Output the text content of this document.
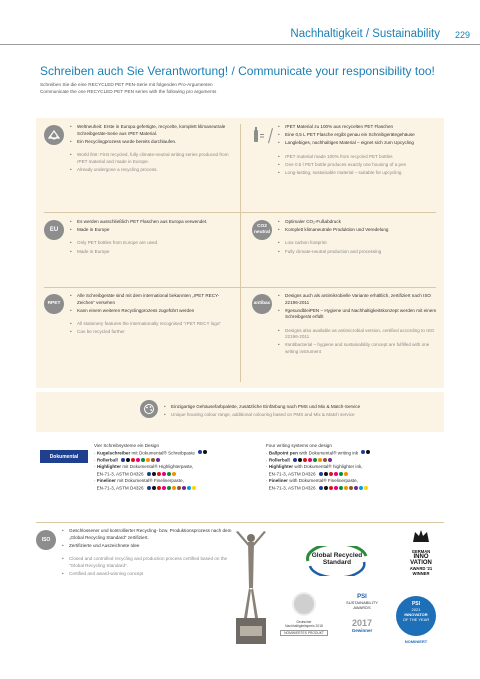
Nachhaltigkeit / Sustainability 229
Schreiben auch Sie Verantwortung! / Communicate your responsibility too!
Schreiben Sie die eine RECYCLED PET PEN-Serie mit folgenden Pro-Argumenten
Communicate the one RECYCLED PET PEN series with the following pro arguments
•	Weltneuheit: Erste in Europa gefertigte, recycelte, komplett klimaneutrale Schreibgeräte-Serie aus rPET Material.
•	Ein Recyclingprozess wurde bereits durchlaufen.
•	World first: First recycled, fully climate-neutral writing series produced from rPET material and made in Europe.
•	Already undergone a recycling process.
•	rPET Material zu 100% aus recycelten PET Flaschen
•	Eine 0,5 L PET Flasche ergibt genau ein Schreibgerätegehäuse
•	Langlebiges, nachhaltiges Material – eignet sich zum Upcycling
•	rPET material made 100% from recycled PET bottles
•	One 0.5 l PET bottle produces exactly one housing of a pen
•	Long-lasting, sustainable material – suitable for upcycling
EU
•	Es werden ausschließlich PET Flaschen aus Europa verwendet.
•	Made in Europe
•	Only PET bottles from Europe are used.
•	Made in Europe
CO2 neutral
•	Optimaler CO₂-Fußabdruck
•	Komplett klimaneutrale Produktion und Veredelung
•	Low carbon footprint
•	Fully climate-neutral production and processing
RPET
•	Alle Schreibgeräte sind mit dem international bekannten „rPET RECY-Zeichen“ versehen
•	Kann einem weiteren Recyclingprozess zugeführt werden
•	All stationery features the internationally recognised "rPET RECY logo"
•	Can be recycled further
antibac
•	Designs auch als antimikrobielle Variante erhältlich, zertifiziert nach ISO 22196-2011
•	#gesundbleiPEN – Hygiene und Nachhaltigkeitskonzept werden mit einem Schreibgerät erfüllt
•	Designs also available as antimicrobial version, certified according to ISO 22196-2011
•	#antibacterial – hygiene and sustainability concept are fulfilled with one writing instrument
•	Einzigartige Gehäusefarbpalette, zusätzliche Einfärbung nach PMS und Mix & Match-Service
•	Unique housing colour range, additional colouring based on PMS and Mix & Match service
Dokumental
Vier Schreibsysteme ein Design
· Kugelschreiber mit Dokumental® Schreibpaste
· Rollerball
· Highlighter mit Dokumental® Highlighterpaste,
EN-71-3, ASTM D4326
· Fineliner mit Dokumental® Finelinerpaste,
EN-71-3, ASTM D4326
Four writing systems one design
· Ballpoint pen with Dokumental® writing ink
· Rollerball
· Highlighter with Dokumental® highlighter ink,
EN-71-3, ASTM D4326
· Fineliner with Dokumental® Finelinerpaste,
EN-71-3, ASTM D4326
ISO
•	Geschlossener und kontrollierter Recycling- bzw. Produktionsprozess nach dem „Global Recycling Standard“ zertifiziert.
•	Zertifizierte und Auszeichnete Idee
•	Closed and controlled recycling and production process certified based on the "Global Recycling Standard".
•	Certified and award-winning concept
Global Recycled
Standard
GERMAN
INNO
VATION
AWARD '21
WINNER
Deutscher
Nachhaltigkeitspreis 2018
NOMINIERTES PRODUKT
PSI
SUSTAINABILITY
AWARDS
2017
Gewinner
PSI
2021
INNOVATOR
OF THE YEAR
NOMINIERT
